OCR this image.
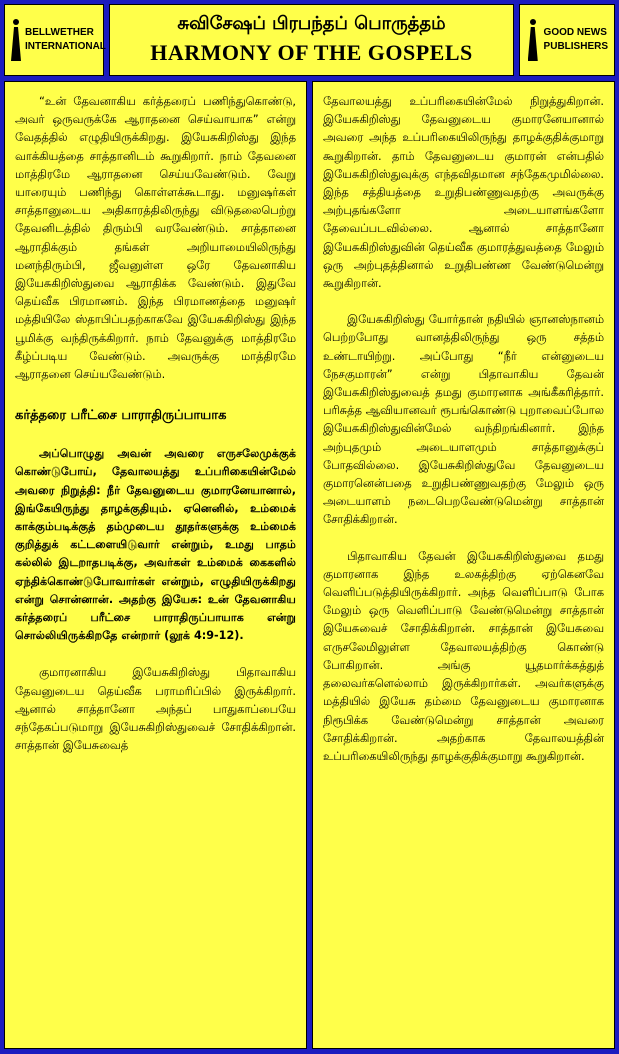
BELLWETHER
INTERNATIONAL
சுவிசேஷப் பிரபந்தப் பொருத்தம்
HARMONY OF THE GOSPELS
GOOD NEWS
PUBLISHERS

“உன் தேவனாகிய கர்த்தரைப் பணிந்துகொண்டு, அவர் ஒருவருக்கே ஆராதனை செய்வாயாக” என்று வேதத்தில் எழுதியிருக்கிறது. இயேசுகிறிஸ்து இந்த வாக்கியத்தை சாத்தானிடம் கூறுகிறார். நாம் தேவனை மாத்திரமே ஆராதனை செய்யவேண்டும். வேறு யாரையும் பணிந்து கொள்ளக்கூடாது. மனுஷர்கள் சாத்தானுடைய அதிகாரத்திலிருந்து விடுதலைபெற்று தேவனிடத்தில் திரும்பி வரவேண்டும். சாத்தானை ஆராதிக்கும் தங்கள் அறியாமையிலிருந்து மனந்திரும்பி, ஜீவனுள்ள ஒரே தேவனாகிய இயேசுகிறிஸ்துவை ஆராதிக்க வேண்டும். இதுவே தெய்வீக பிரமாணம். இந்த பிரமாணத்தை மனுஷர் மத்தியிலே ஸ்தாபிப்பதற்காகவே இயேசுகிறிஸ்து இந்த பூமிக்கு வந்திருக்கிறார். நாம் தேவனுக்கு மாத்திரமே கீழ்ப்படிய வேண்டும். அவருக்கு மாத்திரமே ஆராதனை செய்யவேண்டும்.

கர்த்தரை பரீட்சை பாராதிருப்பாயாக

அப்பொழுது அவன் அவரை எருசலேமுக்குக் கொண்டுபோய், தேவாலயத்து உப்பரிகையின்மேல் அவரை நிறுத்தி: நீர் தேவனுடைய குமாரனேயானால், இங்கேயிருந்து தாழக்குதியும். ஏனெனில், உம்மைக் காக்கும்படிக்குத் தம்முடைய தூதர்களுக்கு உம்மைக் குறித்துக் கட்டளையிடுவார் என்றும், உமது பாதம் கல்லில் இடறாதபடிக்கு, அவர்கள் உம்மைக் கைகளில் ஏந்திக்கொண்டுபோவார்கள் என்றும், எழுதியிருக்கிறது என்று சொன்னான். அதற்கு இயேசு: உன் தேவனாகிய கர்த்தரைப் பரீட்சை பாராதிருப்பாயாக என்று சொல்லியிருக்கிறதே என்றார் (லூக் 4:9-12).

குமாரனாகிய இயேசுகிறிஸ்து பிதாவாகிய தேவனுடைய தெய்வீக பராமரிப்பில் இருக்கிறார். ஆனால் சாத்தானோ அந்தப் பாதுகாப்பையே சந்தேகப்படுமாறு இயேசுகிறிஸ்துவைச் சோதிக்கிறான். சாத்தான் இயேசுவைத்

தேவாலயத்து உப்பரிகையின்மேல் நிறுத்துகிறான். இயேசுகிறிஸ்து தேவனுடைய குமாரனேயானால் அவரை அந்த உப்பரிகையிலிருந்து தாழக்குதிக்குமாறு கூறுகிறான். தாம் தேவனுடைய குமாரன் என்பதில் இயேசுகிறிஸ்துவுக்கு எந்தவிதமான சந்தேகமுமில்லை. இந்த சத்தியத்தை உறுதிபண்ணுவதற்கு அவருக்கு அற்புதங்களோ அடையாளங்களோ தேவைப்படவில்லை. ஆனால் சாத்தானோ இயேசுகிறிஸ்துவின் தெய்வீக குமாரத்துவத்தை மேலும் ஒரு அற்புதத்தினால் உறுதிபண்ண வேண்டுமென்று கூறுகிறான்.

இயேசுகிறிஸ்து யோர்தான் நதியில் ஞானஸ்நானம் பெற்றபோது வானத்திலிருந்து ஒரு சத்தம் உண்டாயிற்று. அப்போது “நீர் என்னுடைய நேசகுமாரன்” என்று பிதாவாகிய தேவன் இயேசுகிறிஸ்துவைத் தமது குமாரனாக அங்கீகரித்தார். பரிசுத்த ஆவியானவர் ரூபங்கொண்டு புறாவைப்போல இயேசுகிறிஸ்துவின்மேல் வந்திறங்கினார். இந்த அற்புதமும் அடையாளமும் சாத்தானுக்குப் போதவில்லை. இயேசுகிறிஸ்துவே தேவனுடைய குமாரனென்பதை உறுதிபண்ணுவதற்கு மேலும் ஒரு அடையாளம் நடைபெறவேண்டுமென்று சாத்தான் சோதிக்கிறான்.

பிதாவாகிய தேவன் இயேசுகிறிஸ்துவை தமது குமாரனாக இந்த உலகத்திற்கு ஏற்கெனவே வெளிப்படுத்தியிருக்கிறார். அந்த வெளிப்பாடு போக மேலும் ஒரு வெளிப்பாடு வேண்டுமென்று சாத்தான் இயேசுவைச் சோதிக்கிறான். சாத்தான் இயேசுவை எருசலேமிலுள்ள தேவாலயத்திற்கு கொண்டு போகிறான். அங்கு யூதமார்க்கத்துத் தலைவர்களெல்லாம் இருக்கிறார்கள். அவர்களுக்கு மத்தியில் இயேசு தம்மை தேவனுடைய குமாரனாக நிரூபிக்க வேண்டுமென்று சாத்தான் அவரை சோதிக்கிறான். அதற்காக தேவாலயத்தின் உப்பரிகையிலிருந்து தாழக்குதிக்குமாறு கூறுகிறான்.
